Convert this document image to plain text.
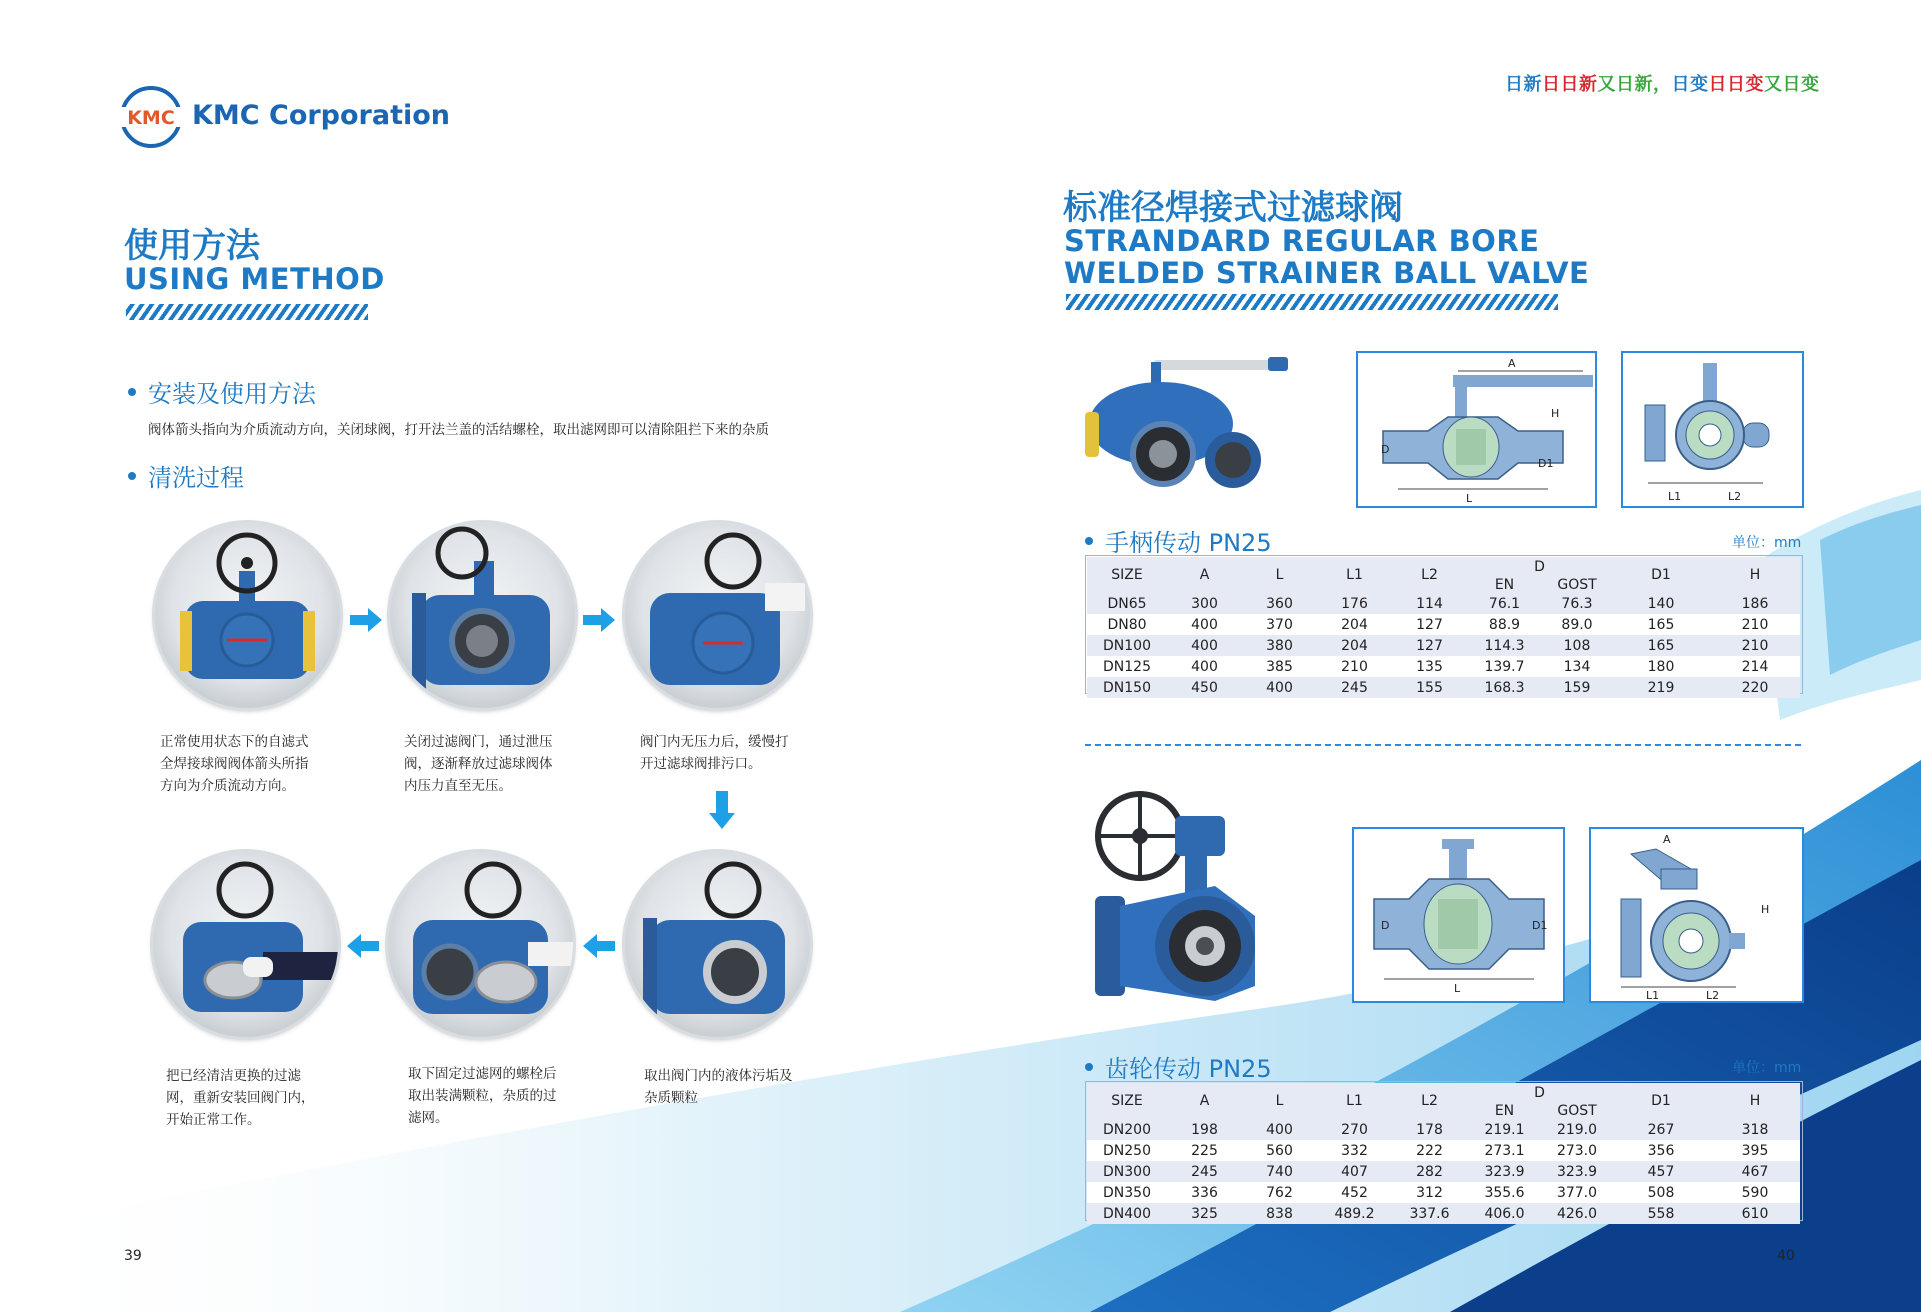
KMC KMC Corporation
日新日日新又日新，日变日日变又日变
使用方法
USING METHOD
安装及使用方法
阀体箭头指向为介质流动方向，关闭球阀，打开法兰盖的活结螺栓，取出滤网即可以清除阻拦下来的杂质
清洗过程
正常使用状态下的自滤式
全焊接球阀阀体箭头所指
方向为介质流动方向。
关闭过滤阀门，通过泄压
阀，逐渐释放过滤球阀体
内压力直至无压。
阀门内无压力后，缓慢打
开过滤球阀排污口。
把已经清洁更换的过滤
网，重新安装回阀门内，
开始正常工作。
取下固定过滤网的螺栓后
取出装满颗粒，杂质的过
滤网。
取出阀门内的液体污垢及
杂质颗粒
39
标准径焊接式过滤球阀
STRANDARD REGULAR BORE
WELDED STRAINER BALL VALVE
A
H
D
D1
L	L1	L2
手柄传动 PN25	单位：mm
SIZE	A	L	L1	L2	D		D1	H
					EN	GOST		
DN65	300	360	176	114	76.1	76.3	140	186
DN80	400	370	204	127	88.9	89.0	165	210
DN100	400	380	204	127	114.3	108	165	210
DN125	400	385	210	135	139.7	134	180	214
DN150	450	400	245	155	168.3	159	219	220
D	D1
L
A
H
L1	L2
齿轮传动 PN25	单位：mm
SIZE	A	L	L1	L2	D		D1	H
					EN	GOST		
DN200	198	400	270	178	219.1	219.0	267	318
DN250	225	560	332	222	273.1	273.0	356	395
DN300	245	740	407	282	323.9	323.9	457	467
DN350	336	762	452	312	355.6	377.0	508	590
DN400	325	838	489.2	337.6	406.0	426.0	558	610
40
